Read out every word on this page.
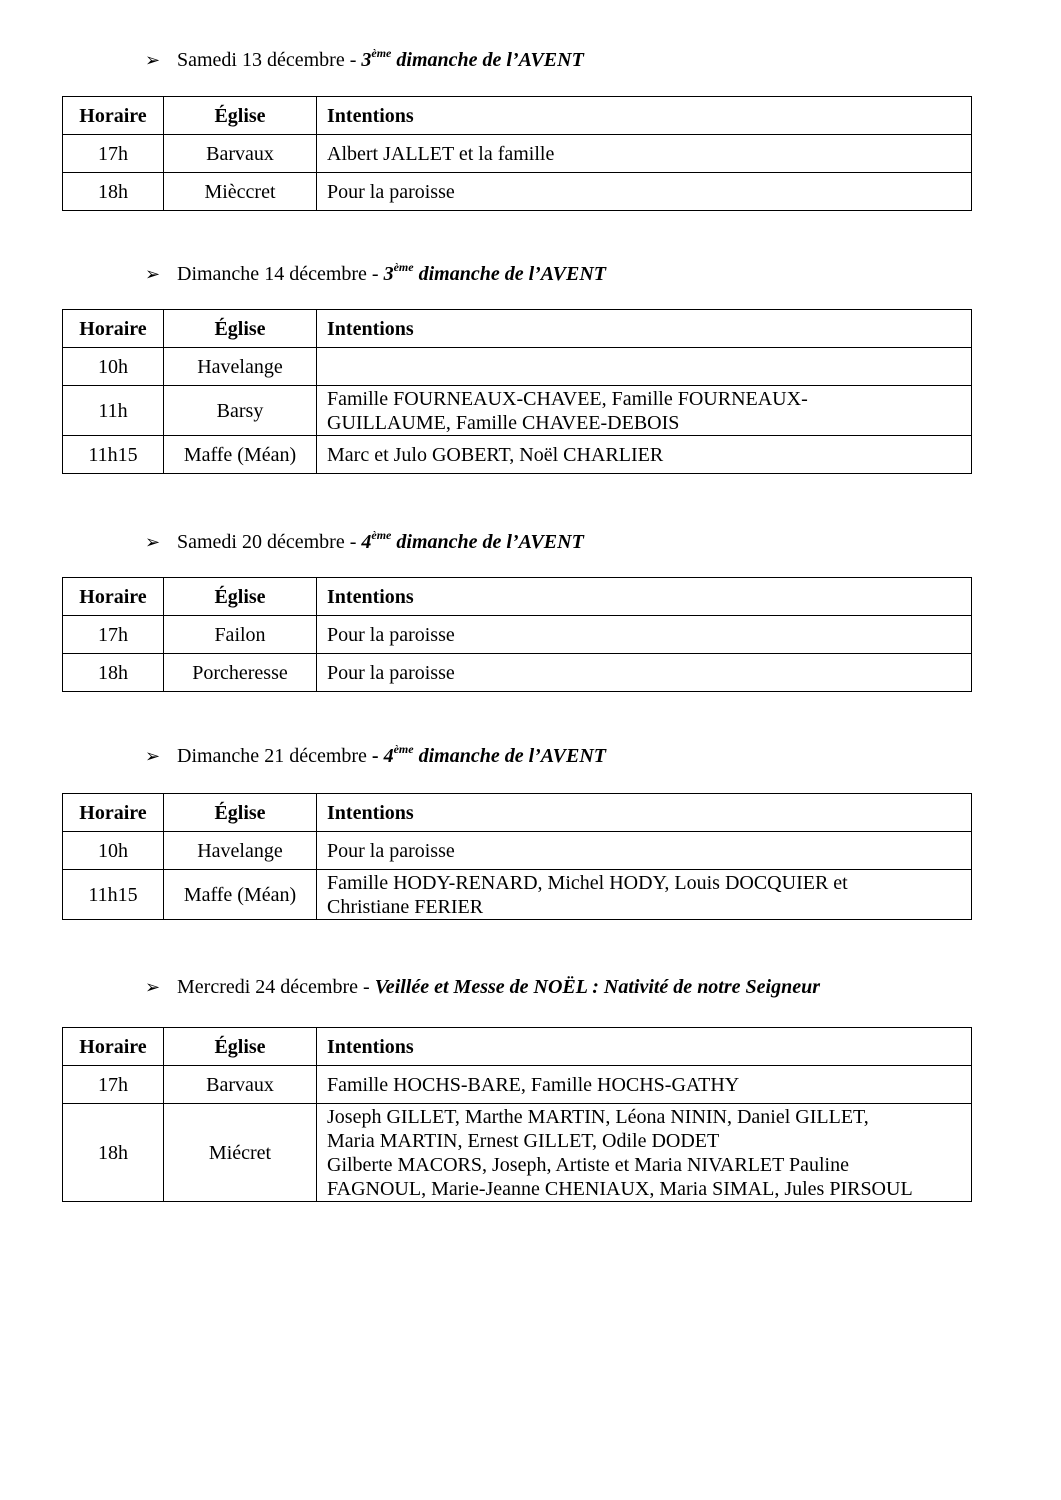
➢ Samedi 13 décembre - 3ème dimanche de l’AVENT
Horaire	Église	Intentions
17h	Barvaux	Albert JALLET et la famille

18h	Mièccret	Pour la paroisse
➢ Dimanche 14 décembre - 3ème dimanche de l’AVENT
Horaire	Église	Intentions
10h	Havelange	

11h	Barsy	Famille FOURNEAUX-CHAVEE, Famille FOURNEAUX-
GUILLAUME, Famille CHAVEE-DEBOIS

11h15	Maffe (Méan)	Marc et Julo GOBERT, Noël CHARLIER
➢ Samedi 20 décembre - 4ème dimanche de l’AVENT
Horaire	Église	Intentions
17h	Failon	Pour la paroisse

18h	Porcheresse	Pour la paroisse
➢ Dimanche 21 décembre - 4ème dimanche de l’AVENT
Horaire	Église	Intentions
10h	Havelange	Pour la paroisse

11h15	Maffe (Méan)	Famille HODY-RENARD, Michel HODY, Louis DOCQUIER et
Christiane FERIER
➢ Mercredi 24 décembre - Veillée et Messe de NOËL : Nativité de notre Seigneur
Horaire	Église	Intentions
17h	Barvaux	Famille HOCHS-BARE, Famille HOCHS-GATHY

18h	Miécret	Joseph GILLET, Marthe MARTIN, Léona NININ, Daniel GILLET,
Maria MARTIN, Ernest GILLET, Odile DODET
Gilberte MACORS, Joseph, Artiste et Maria NIVARLET Pauline
FAGNOUL, Marie-Jeanne CHENIAUX, Maria SIMAL, Jules PIRSOUL
